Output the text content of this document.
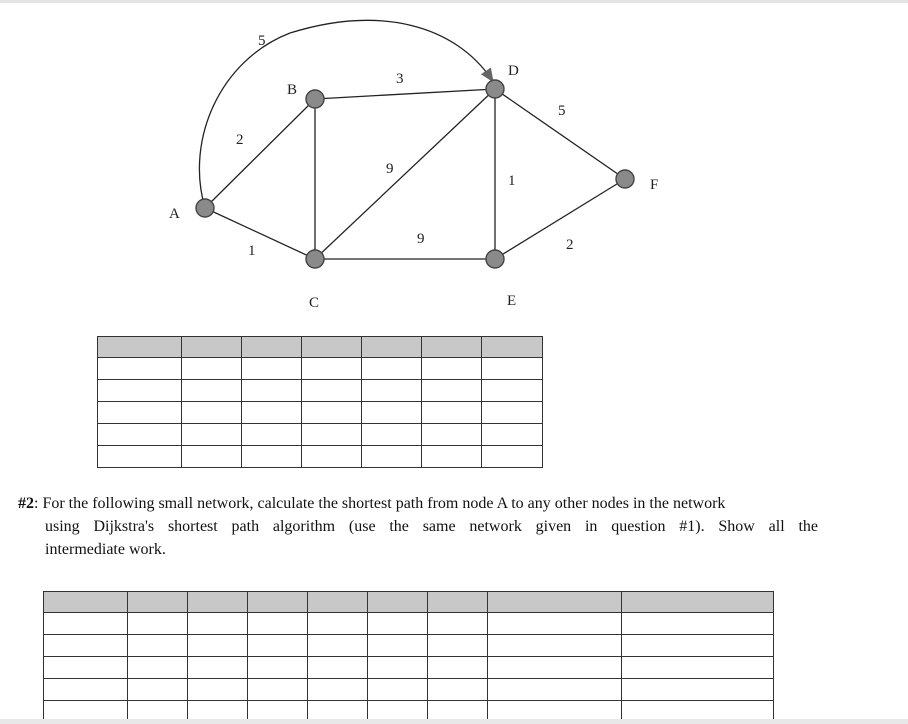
5
3
2
9
1
5
9	2
1
A
B
C
D
E
F

#2: For the following small network, calculate the shortest path from node A to any other nodes in the network
using Dijkstra's shortest path algorithm (use the same network given in question #1). Show all the
intermediate work.
